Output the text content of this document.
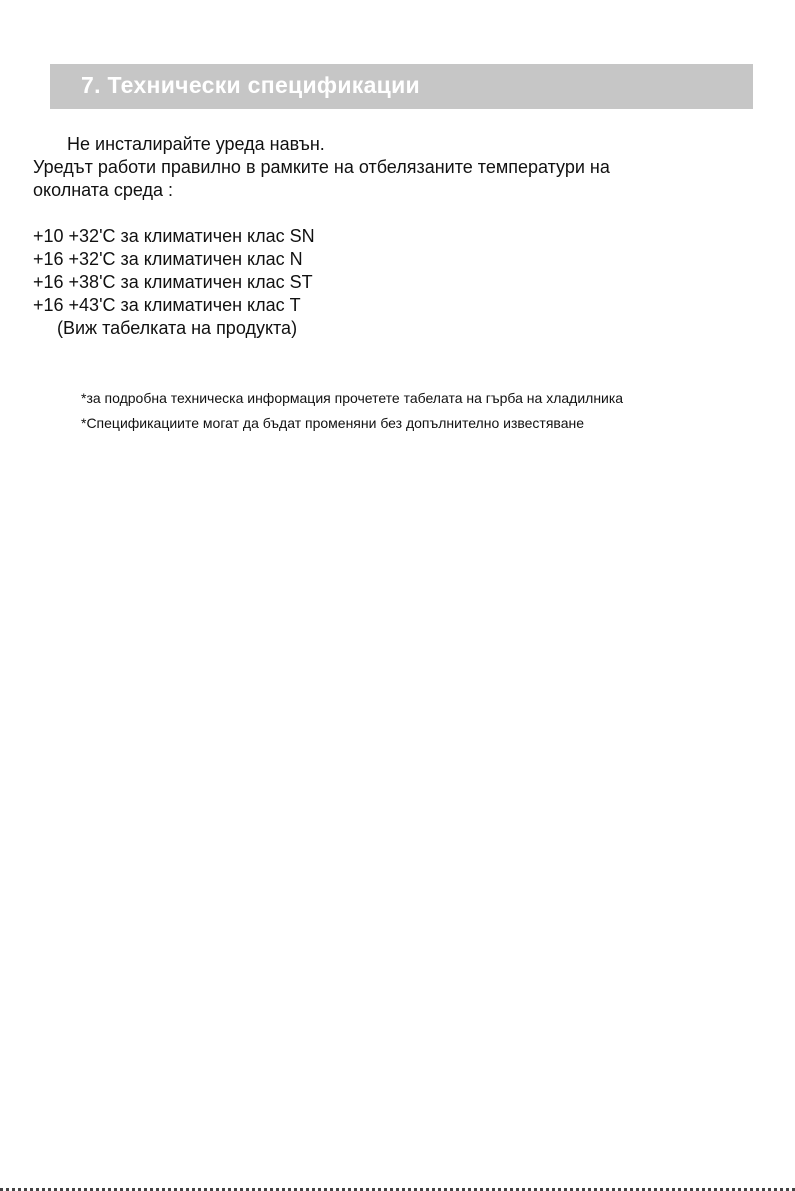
7. Технически спецификации
Не инсталирайте уреда навън.
Уредът работи правилно в рамките на отбелязаните температури на
околната среда :
+10 +32'С за климатичен клас SN
+16 +32'С за климатичен клас N
+16 +38'С за климатичен клас ST
+16 +43'С за климатичен клас T
(Виж табелката на продукта)
*за подробна техническа информация прочетете табелата на гърба на хладилника
*Спецификациите могат да бъдат променяни без допълнително известяване
